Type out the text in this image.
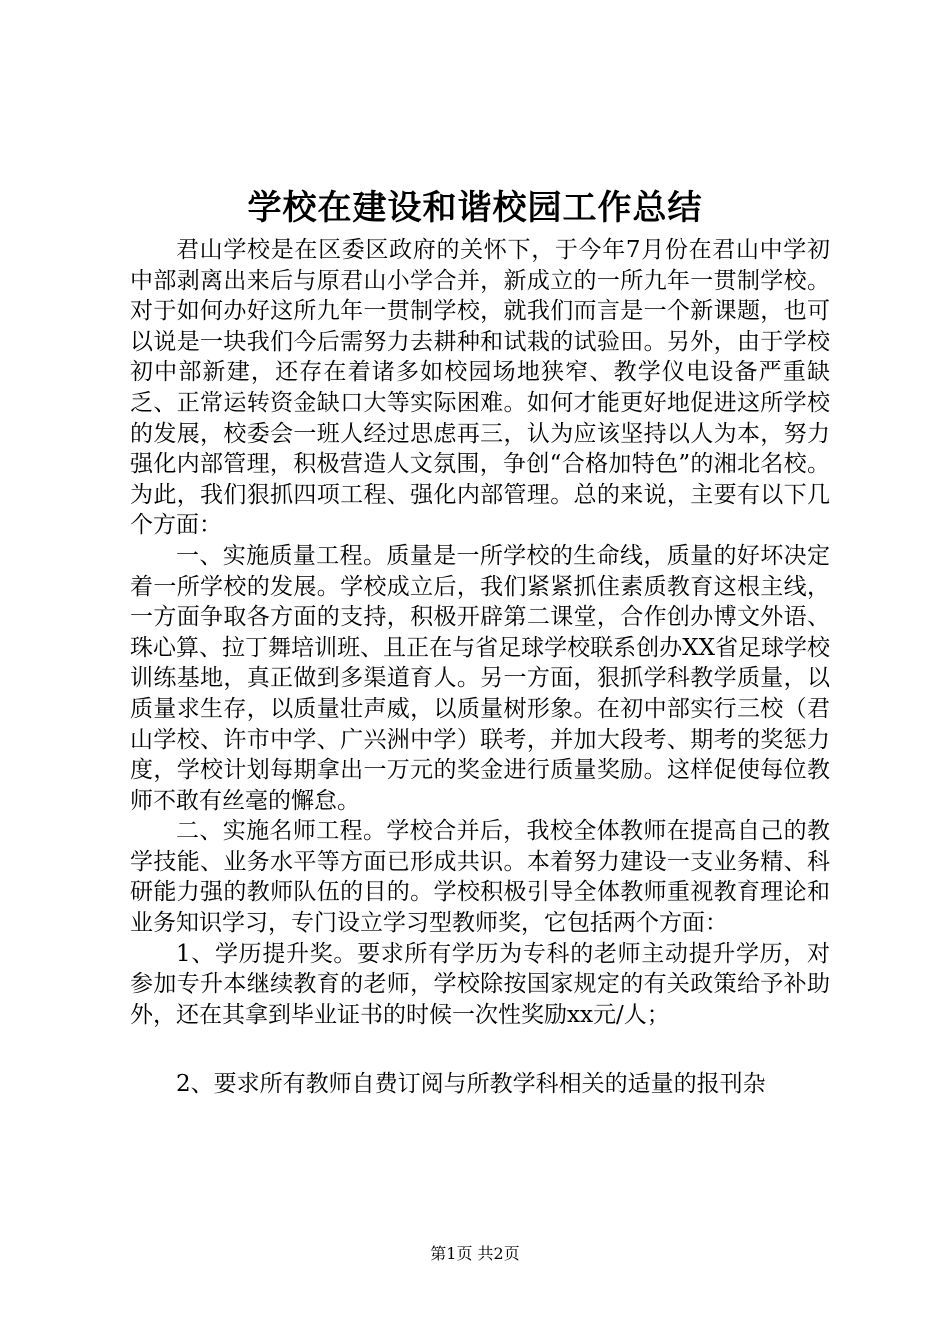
学校在建设和谐校园工作总结

君山学校是在区委区政府的关怀下，于今年7月份在君山中学初中部剥离出来后与原君山小学合并，新成立的一所九年一贯制学校。对于如何办好这所九年一贯制学校，就我们而言是一个新课题，也可以说是一块我们今后需努力去耕种和试栽的试验田。另外，由于学校初中部新建，还存在着诸多如校园场地狭窄、教学仪电设备严重缺乏、正常运转资金缺口大等实际困难。如何才能更好地促进这所学校的发展，校委会一班人经过思虑再三，认为应该坚持以人为本，努力强化内部管理，积极营造人文氛围，争创“合格加特色”的湘北名校。为此，我们狠抓四项工程、强化内部管理。总的来说，主要有以下几个方面：

一、实施质量工程。质量是一所学校的生命线，质量的好坏决定着一所学校的发展。学校成立后，我们紧紧抓住素质教育这根主线，一方面争取各方面的支持，积极开辟第二课堂，合作创办博文外语、珠心算、拉丁舞培训班、且正在与省足球学校联系创办XX省足球学校训练基地，真正做到多渠道育人。另一方面，狠抓学科教学质量，以质量求生存，以质量壮声威，以质量树形象。在初中部实行三校（君山学校、许市中学、广兴洲中学）联考，并加大段考、期考的奖惩力度，学校计划每期拿出一万元的奖金进行质量奖励。这样促使每位教师不敢有丝毫的懈怠。

二、实施名师工程。学校合并后，我校全体教师在提高自己的教学技能、业务水平等方面已形成共识。本着努力建设一支业务精、科研能力强的教师队伍的目的。学校积极引导全体教师重视教育理论和业务知识学习，专门设立学习型教师奖，它包括两个方面：

1、学历提升奖。要求所有学历为专科的老师主动提升学历，对参加专升本继续教育的老师，学校除按国家规定的有关政策给予补助外，还在其拿到毕业证书的时候一次性奖励xx元/人；

2、要求所有教师自费订阅与所教学科相关的适量的报刊杂

第1页 共2页
